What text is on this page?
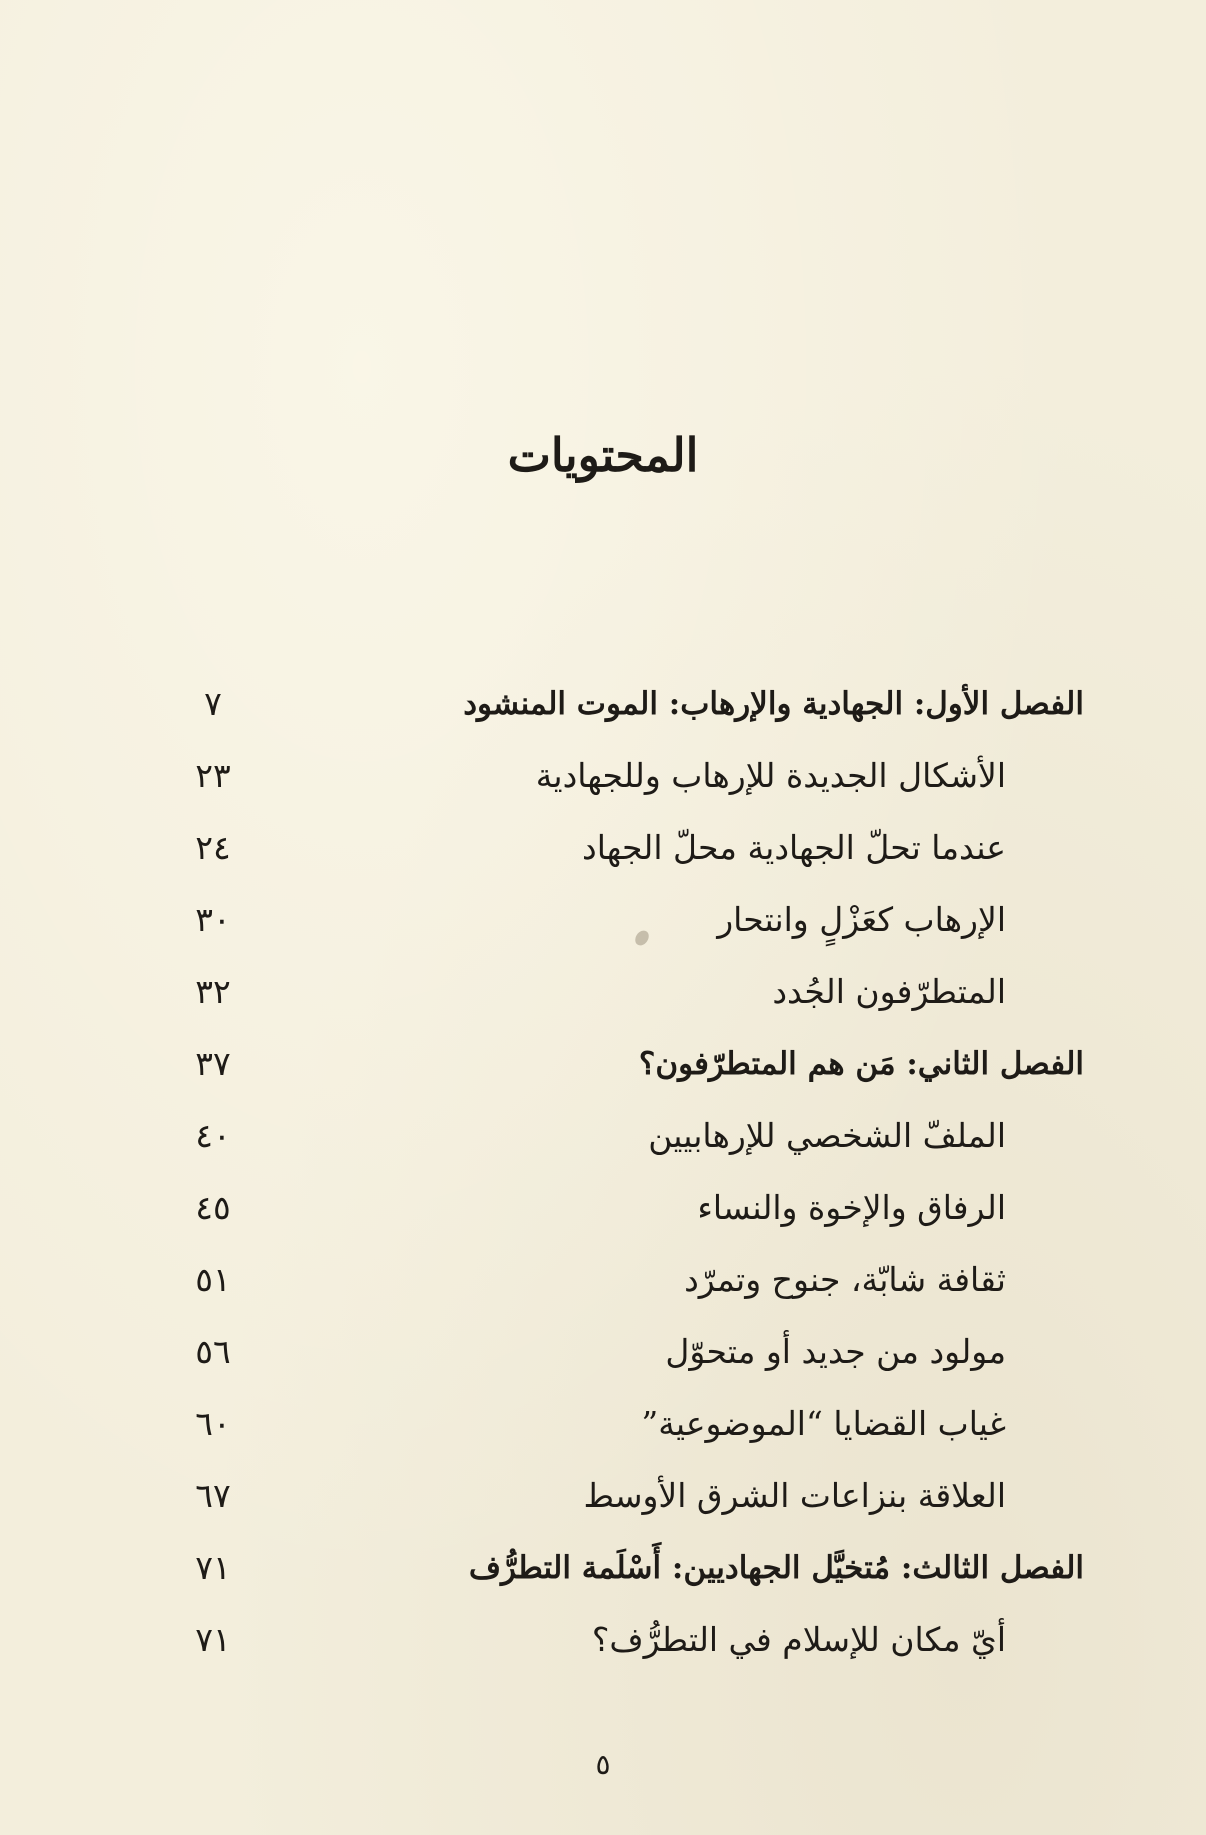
المحتويات
الفصل الأول: الجهادية والإرهاب: الموت المنشود
٧
الأشكال الجديدة للإرهاب وللجهادية
٢٣
عندما تحلّ الجهادية محلّ الجهاد
٢٤
الإرهاب كعَزْلٍ وانتحار
٣٠
المتطرّفون الجُدد
٣٢
الفصل الثاني: مَن هم المتطرّفون؟
٣٧
الملفّ الشخصي للإرهابيين
٤٠
الرفاق والإخوة والنساء
٤٥
ثقافة شابّة، جنوح وتمرّد
٥١
مولود من جديد أو متحوّل
٥٦
غياب القضايا “الموضوعية”
٦٠
العلاقة بنزاعات الشرق الأوسط
٦٧
الفصل الثالث: مُتخيَّل الجهاديين: أَسْلَمة التطرُّف
٧١
أيّ مكان للإسلام في التطرُّف؟
٧١
٥
